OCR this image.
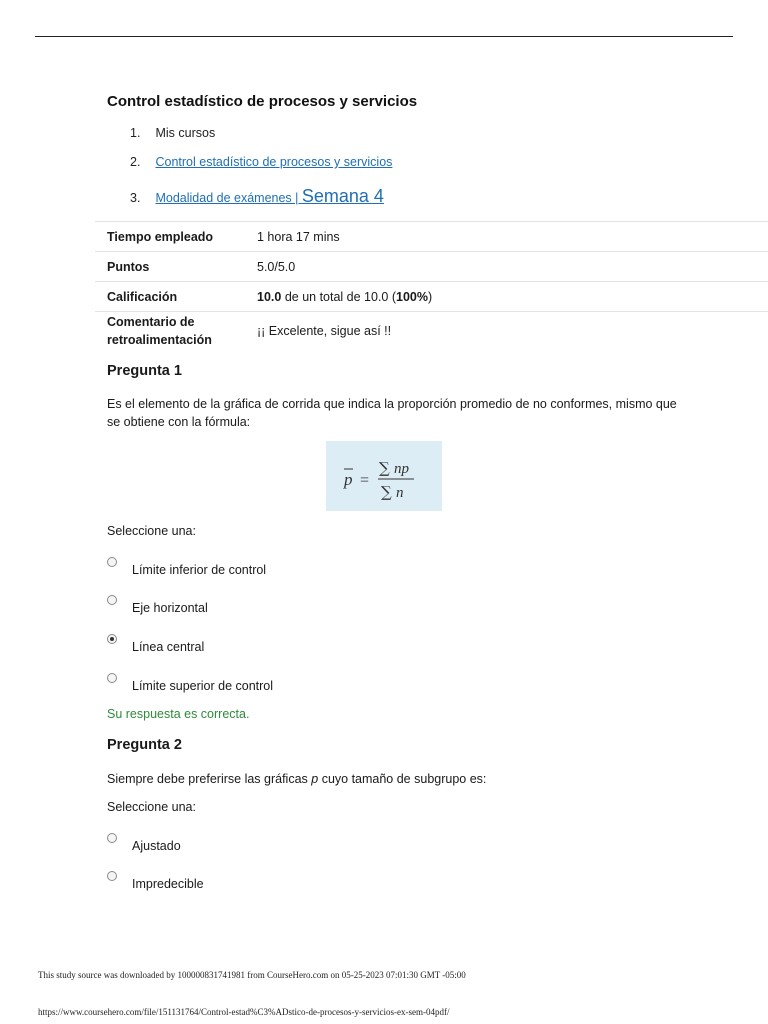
Control estadístico de procesos y servicios
1. Mis cursos
2. Control estadístico de procesos y servicios
3. Modalidad de exámenes | Semana 4
Tiempo empleado	1 hora 17 mins
Puntos	5.0/5.0
Calificación	10.0 de un total de 10.0 (100%)
Comentario de
retroalimentación	¡¡ Excelente, sigue así !!
Pregunta 1
Es el elemento de la gráfica de corrida que indica la proporción promedio de no conformes, mismo que se obtiene con la fórmula:
p =
∑ np
∑ n
Seleccione una:
Límite inferior de control
Eje horizontal
Línea central
Límite superior de control
Su respuesta es correcta.
Pregunta 2
Siempre debe preferirse las gráficas p cuyo tamaño de subgrupo es:
Seleccione una:
Ajustado
Impredecible
This study source was downloaded by 100000831741981 from CourseHero.com on 05-25-2023 07:01:30 GMT -05:00
https://www.coursehero.com/file/151131764/Control-estad%C3%ADstico-de-procesos-y-servicios-ex-sem-04pdf/
